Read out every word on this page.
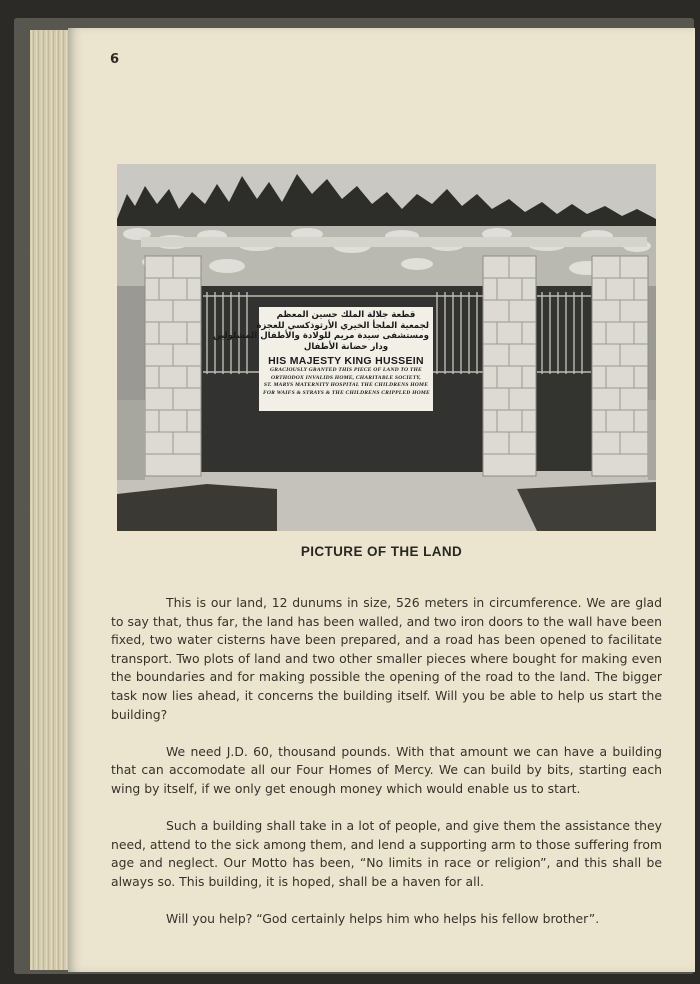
6
قطعة جلالة الملك حسين المعظم
لجمعية الملجأ الخيري الأرثوذكسي للعجزة
ومستشفى سيدة مريم للولادة والأطفال المشلولين
ودار حضانة الأطفال
HIS MAJESTY KING HUSSEIN
GRACIOUSLY GRANTED THIS PIECE OF LAND TO THE
ORTHODOX INVALIDS HOME, CHARITABLE SOCIETY,
ST. MARYS MATERNITY HOSPITAL THE CHILDRENS HOME
FOR WAIFS & STRAYS & THE CHILDRENS CRIPPLED HOME
PICTURE OF THE LAND

This is our land, 12 dunums in size, 526 meters in circumference. We are glad to say that, thus far, the land has been walled, and two iron doors to the wall have been fixed, two water cisterns have been prepared, and a road has been opened to facilitate transport. Two plots of land and two other smaller pieces where bought for making even the boundaries and for making possible the opening of the road to the land. The bigger task now lies ahead, it concerns the building itself. Will you be able to help us start the building?

We need J.D. 60, thousand pounds. With that amount we can have a building that can accomodate all our Four Homes of Mercy. We can build by bits, starting each wing by itself, if we only get enough money which would enable us to start.

Such a building shall take in a lot of people, and give them the assistance they need, attend to the sick among them, and lend a supporting arm to those suffering from age and neglect. Our Motto has been, “No limits in race or religion”, and this shall be always so. This building, it is hoped, shall be a haven for all.

Will you help? “God certainly helps him who helps his fellow brother”.
